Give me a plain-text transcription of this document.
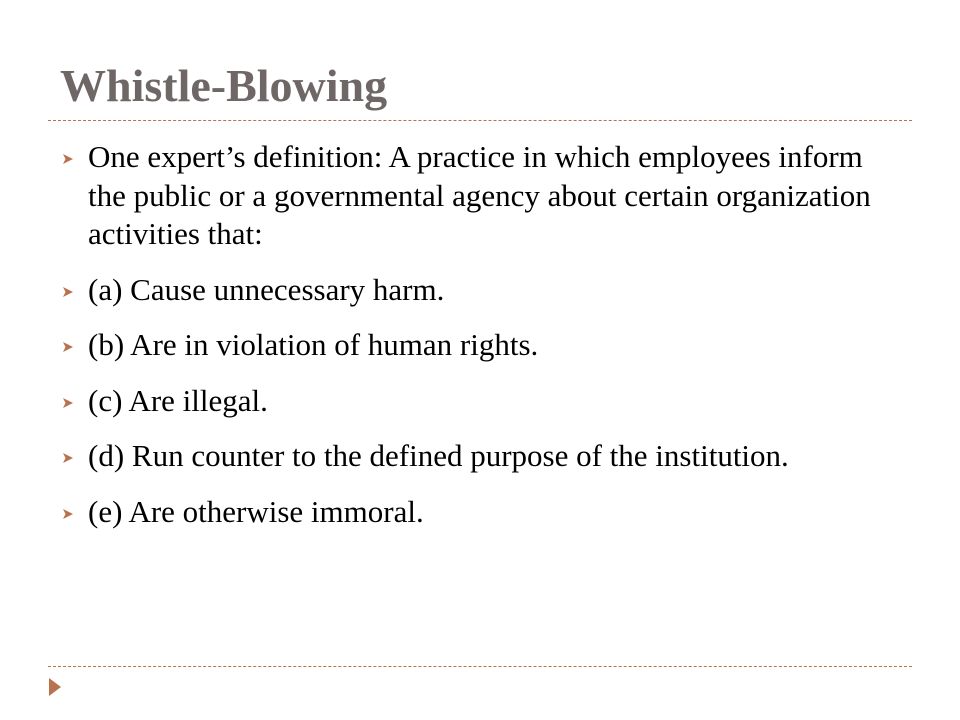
Whistle-Blowing
One expert’s definition: A practice in which employees inform the public or a governmental agency about certain organization activities that:
(a) Cause unnecessary harm.
(b) Are in violation of human rights.
(c) Are illegal.
(d) Run counter to the defined purpose of the institution.
(e) Are otherwise immoral.
